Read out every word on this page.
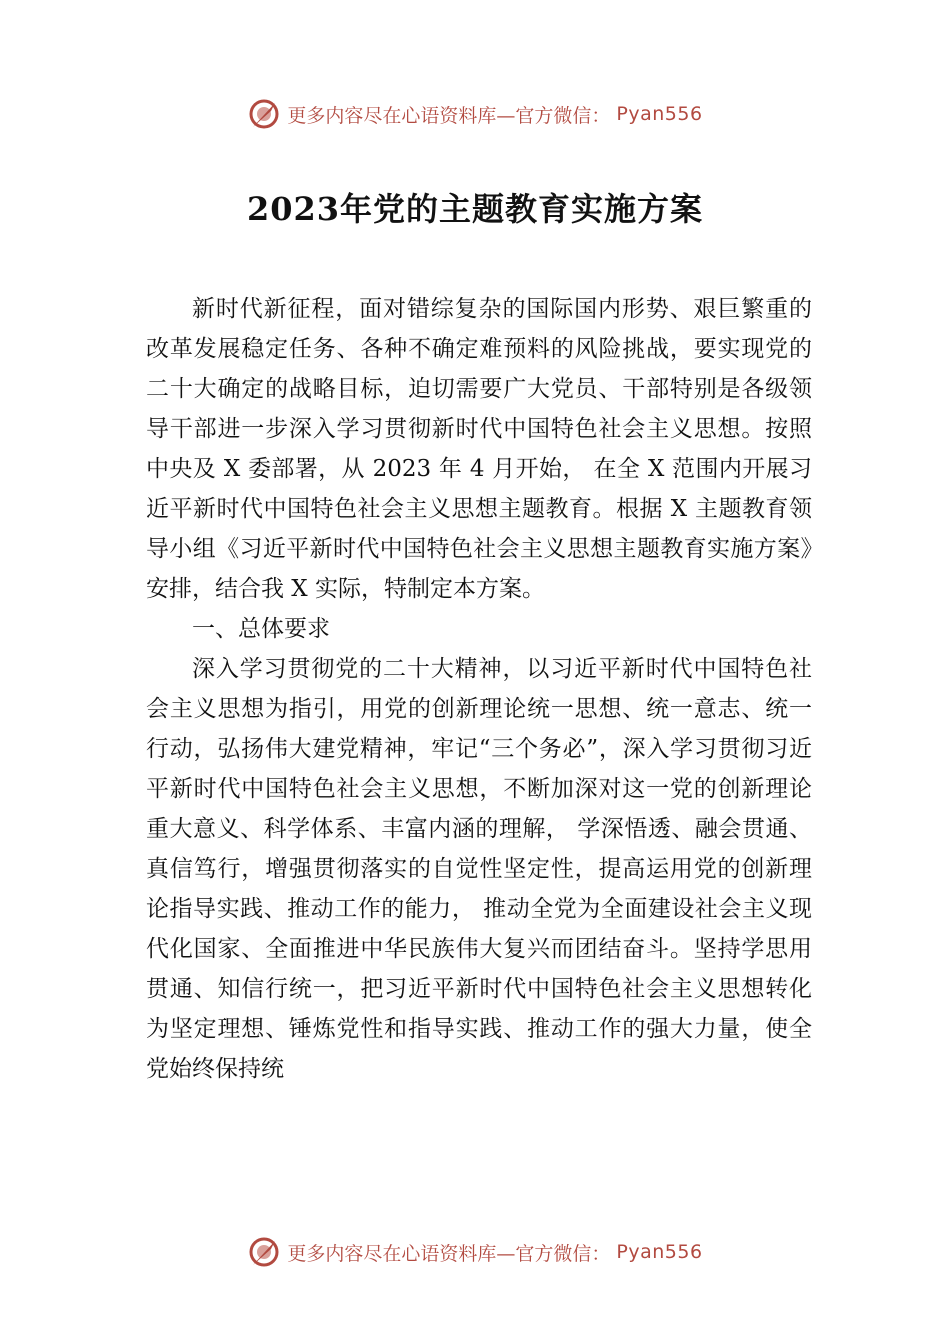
更多内容尽在心语资料库—官方微信： Pyan556
2023年党的主题教育实施方案

新时代新征程，面对错综复杂的国际国内形势、艰巨繁重的改革发展稳定任务、各种不确定难预料的风险挑战，要实现党的二十大确定的战略目标，迫切需要广大党员、干部特别是各级领导干部进一步深入学习贯彻新时代中国特色社会主义思想。按照中央及 X 委部署，从 2023 年 4 月开始， 在全 X 范围内开展习近平新时代中国特色社会主义思想主题教育。根据 X 主题教育领导小组《习近平新时代中国特色社会主义思想主题教育实施方案》安排，结合我 X 实际，特制定本方案。

一、总体要求

深入学习贯彻党的二十大精神，以习近平新时代中国特色社会主义思想为指引，用党的创新理论统一思想、统一意志、统一行动，弘扬伟大建党精神，牢记“三个务必”，深入学习贯彻习近平新时代中国特色社会主义思想，不断加深对这一党的创新理论重大意义、科学体系、丰富内涵的理解， 学深悟透、融会贯通、真信笃行，增强贯彻落实的自觉性坚定性，提高运用党的创新理论指导实践、推动工作的能力， 推动全党为全面建设社会主义现代化国家、全面推进中华民族伟大复兴而团结奋斗。坚持学思用贯通、知信行统一，把习近平新时代中国特色社会主义思想转化为坚定理想、锤炼党性和指导实践、推动工作的强大力量，使全党始终保持统

更多内容尽在心语资料库—官方微信： Pyan556
